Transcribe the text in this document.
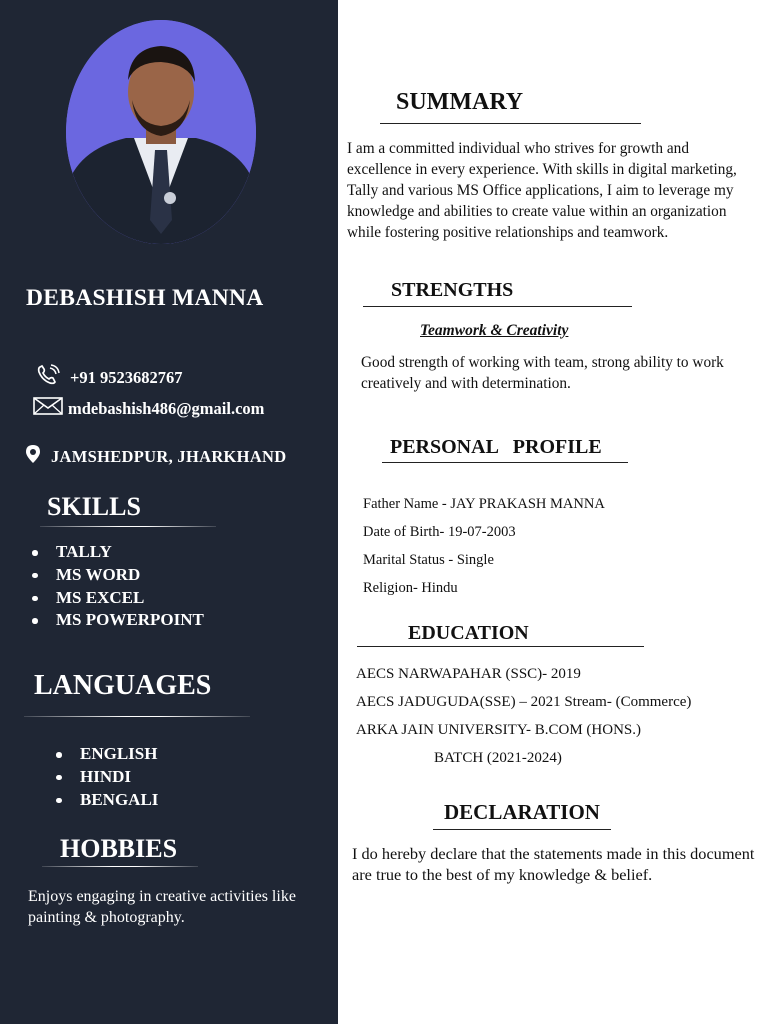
DEBASHISH MANNA
+91 9523682767
mdebashish486@gmail.com
JAMSHEDPUR, JHARKHAND
SKILLS
TALLY
MS WORD
MS EXCEL
MS POWERPOINT
LANGUAGES
ENGLISH
HINDI
BENGALI
HOBBIES
Enjoys engaging in creative activities like painting & photography.
SUMMARY
I am a committed individual who strives for growth and excellence in every experience. With skills in digital marketing, Tally and various MS Office applications, I aim to leverage my knowledge and abilities to create value within an organization while fostering positive relationships and teamwork.
STRENGTHS
Teamwork & Creativity
Good strength of working with team, strong ability to work creatively and with determination.
PERSONAL   PROFILE
Father Name - JAY PRAKASH MANNA
Date of Birth- 19-07-2003
Marital Status - Single
Religion- Hindu
EDUCATION
AECS NARWAPAHAR (SSC)- 2019
AECS JADUGUDA(SSE) – 2021 Stream- (Commerce)
ARKA JAIN UNIVERSITY- B.COM (HONS.)
BATCH (2021-2024)
DECLARATION
I do hereby declare that the statements made in this document are true to the best of my knowledge & belief.
